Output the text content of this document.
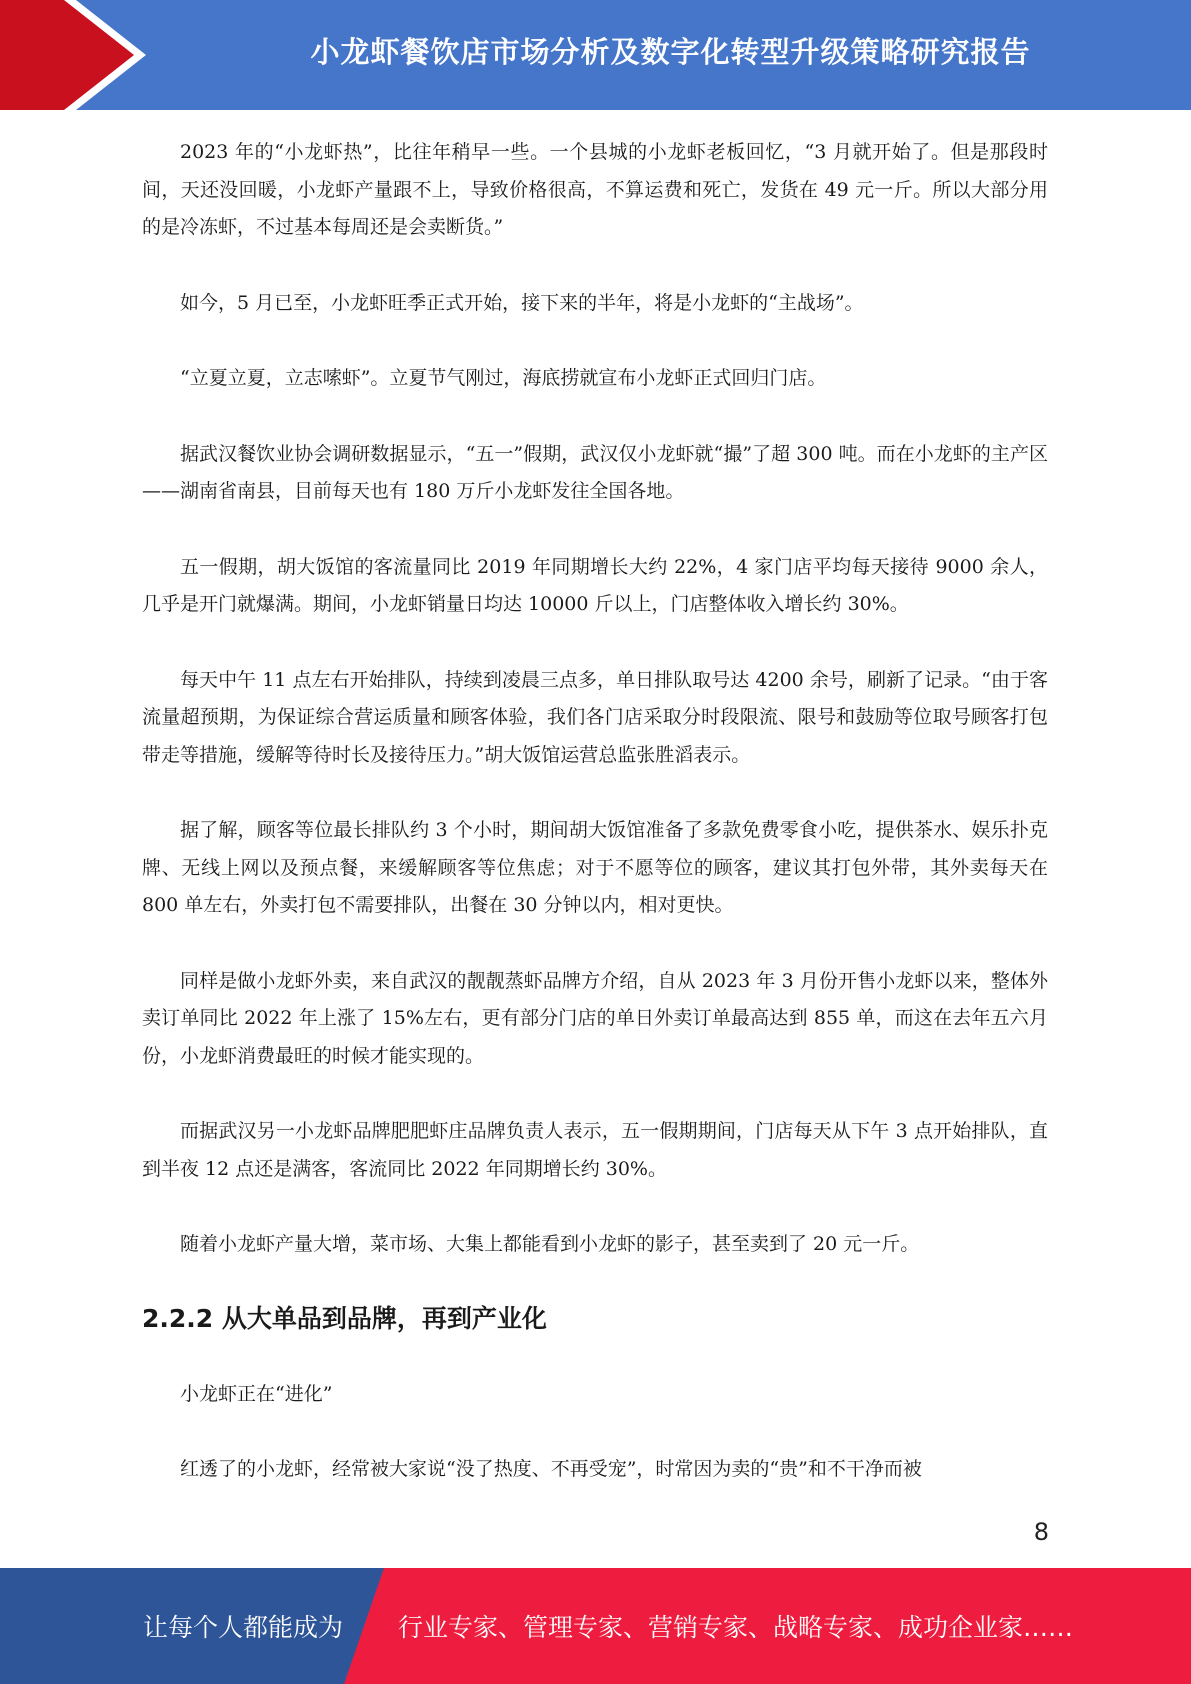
小龙虾餐饮店市场分析及数字化转型升级策略研究报告

2023 年的“小龙虾热”，比往年稍早一些。一个县城的小龙虾老板回忆，“3 月就开始了。但是那段时间，天还没回暖，小龙虾产量跟不上，导致价格很高，不算运费和死亡，发货在 49 元一斤。所以大部分用的是冷冻虾，不过基本每周还是会卖断货。”

如今，5 月已至，小龙虾旺季正式开始，接下来的半年，将是小龙虾的“主战场”。

“立夏立夏，立志嗦虾”。立夏节气刚过，海底捞就宣布小龙虾正式回归门店。

据武汉餐饮业协会调研数据显示，“五一”假期，武汉仅小龙虾就“撮”了超 300 吨。而在小龙虾的主产区——湖南省南县，目前每天也有 180 万斤小龙虾发往全国各地。

五一假期，胡大饭馆的客流量同比 2019 年同期增长大约 22%，4 家门店平均每天接待 9000 余人，几乎是开门就爆满。期间，小龙虾销量日均达 10000 斤以上，门店整体收入增长约 30%。

每天中午 11 点左右开始排队，持续到凌晨三点多，单日排队取号达 4200 余号，刷新了记录。“由于客流量超预期，为保证综合营运质量和顾客体验，我们各门店采取分时段限流、限号和鼓励等位取号顾客打包带走等措施，缓解等待时长及接待压力。”胡大饭馆运营总监张胜滔表示。

据了解，顾客等位最长排队约 3 个小时，期间胡大饭馆准备了多款免费零食小吃，提供茶水、娱乐扑克牌、无线上网以及预点餐，来缓解顾客等位焦虑；对于不愿等位的顾客，建议其打包外带，其外卖每天在 800 单左右，外卖打包不需要排队，出餐在 30 分钟以内，相对更快。

同样是做小龙虾外卖，来自武汉的靓靓蒸虾品牌方介绍，自从 2023 年 3 月份开售小龙虾以来，整体外卖订单同比 2022 年上涨了 15%左右，更有部分门店的单日外卖订单最高达到 855 单，而这在去年五六月份，小龙虾消费最旺的时候才能实现的。

而据武汉另一小龙虾品牌肥肥虾庄品牌负责人表示，五一假期期间，门店每天从下午 3 点开始排队，直到半夜 12 点还是满客，客流同比 2022 年同期增长约 30%。

随着小龙虾产量大增，菜市场、大集上都能看到小龙虾的影子，甚至卖到了 20 元一斤。

2.2.2 从大单品到品牌，再到产业化

小龙虾正在“进化”

红透了的小龙虾，经常被大家说“没了热度、不再受宠”，时常因为卖的“贵”和不干净而被

8
让每个人都能成为 行业专家、管理专家、营销专家、战略专家、成功企业家……
